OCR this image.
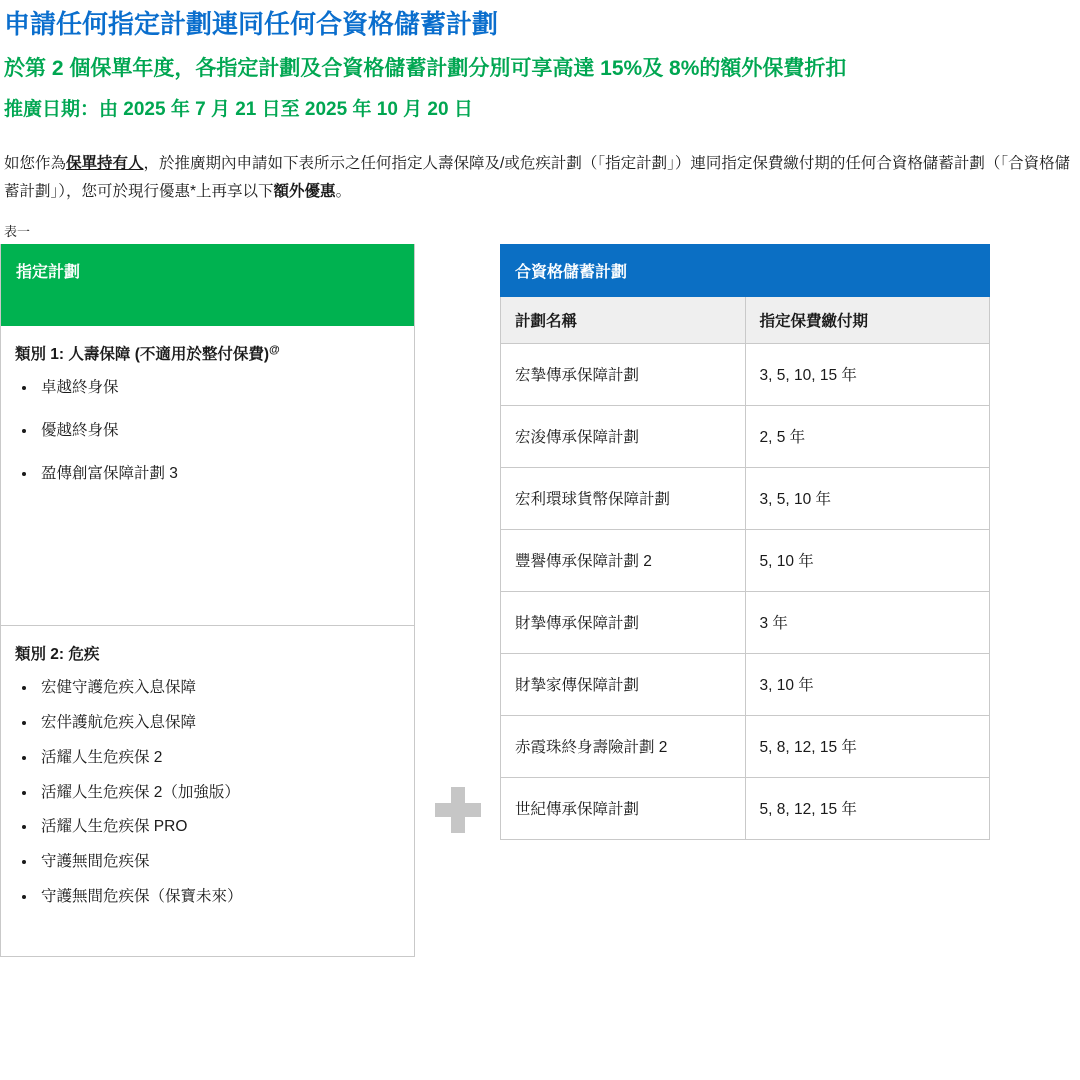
申請任何指定計劃連同任何合資格儲蓄計劃
於第 2 個保單年度，各指定計劃及合資格儲蓄計劃分別可享高達 15%及 8%的額外保費折扣
推廣日期：由 2025 年 7 月 21 日至 2025 年 10 月 20 日

如您作為保單持有人，於推廣期內申請如下表所示之任何指定人壽保障及/或危疾計劃（「指定計劃」）連同指定保費繳付期的任何合資格儲蓄計劃（「合資格儲蓄計劃」），您可於現行優惠*上再享以下額外優惠。

表一
指定計劃
類別 1: 人壽保障 (不適用於整付保費)@
• 卓越終身保
• 優越終身保
• 盈傳創富保障計劃 3
類別 2: 危疾
• 宏健守護危疾入息保障
• 宏伴護航危疾入息保障
• 活耀人生危疾保 2
• 活耀人生危疾保 2（加強版）
• 活耀人生危疾保 PRO
• 守護無間危疾保
• 守護無間危疾保（保寶未來）
合資格儲蓄計劃	
計劃名稱	指定保費繳付期
宏摯傳承保障計劃	3, 5, 10, 15 年
宏浚傳承保障計劃	2, 5 年
宏利環球貨幣保障計劃	3, 5, 10 年
豐譽傳承保障計劃 2	5, 10 年
財摯傳承保障計劃	3 年
財摯家傳保障計劃	3, 10 年
赤霞珠終身壽險計劃 2	5, 8, 12, 15 年
世紀傳承保障計劃	5, 8, 12, 15 年
